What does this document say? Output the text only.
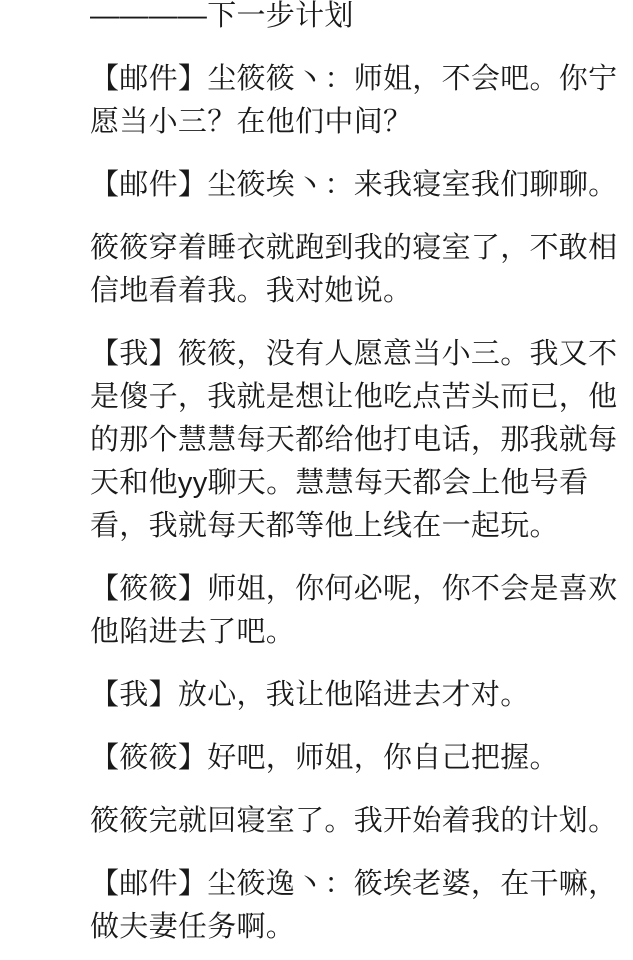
————下一步计划

【邮件】尘筱筱丶：师姐，不会吧。你宁
愿当小三？在他们中间？

【邮件】尘筱埃丶：来我寝室我们聊聊。

筱筱穿着睡衣就跑到我的寝室了，不敢相
信地看着我。我对她说。

【我】筱筱，没有人愿意当小三。我又不
是傻子，我就是想让他吃点苦头而已，他
的那个慧慧每天都给他打电话，那我就每
天和他yy聊天。慧慧每天都会上他号看
看，我就每天都等他上线在一起玩。

【筱筱】师姐，你何必呢，你不会是喜欢
他陷进去了吧。

【我】放心，我让他陷进去才对。

【筱筱】好吧，师姐，你自己把握。

筱筱完就回寝室了。我开始着我的计划。

【邮件】尘筱逸丶：筱埃老婆，在干嘛，
做夫妻任务啊。
